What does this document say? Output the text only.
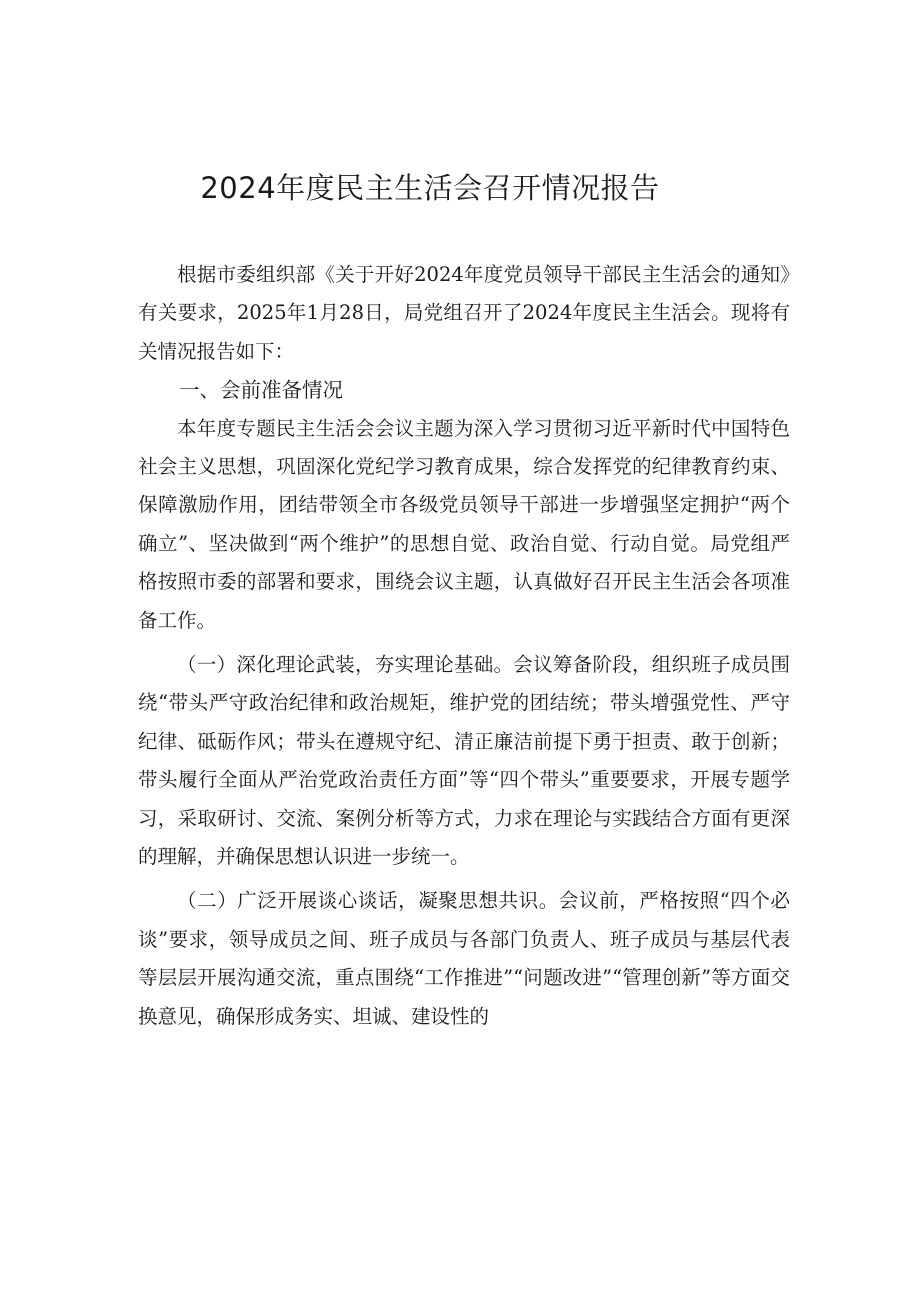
2024年度民主生活会召开情况报告

根据市委组织部《关于开好2024年度党员领导干部民主生活会的通知》有关要求，2025年1月28日，局党组召开了2024年度民主生活会。现将有关情况报告如下：

一、会前准备情况

本年度专题民主生活会会议主题为深入学习贯彻习近平新时代中国特色社会主义思想，巩固深化党纪学习教育成果，综合发挥党的纪律教育约束、保障激励作用，团结带领全市各级党员领导干部进一步增强坚定拥护“两个确立”、坚决做到“两个维护”的思想自觉、政治自觉、行动自觉。局党组严格按照市委的部署和要求，围绕会议主题，认真做好召开民主生活会各项准备工作。

（一）深化理论武装，夯实理论基础。会议筹备阶段，组织班子成员围绕“带头严守政治纪律和政治规矩，维护党的团结统；带头增强党性、严守纪律、砥砺作风；带头在遵规守纪、清正廉洁前提下勇于担责、敢于创新；带头履行全面从严治党政治责任方面”等“四个带头”重要要求，开展专题学习，采取研讨、交流、案例分析等方式，力求在理论与实践结合方面有更深的理解，并确保思想认识进一步统一。

（二）广泛开展谈心谈话，凝聚思想共识。会议前，严格按照“四个必谈”要求，领导成员之间、班子成员与各部门负责人、班子成员与基层代表等层层开展沟通交流，重点围绕“工作推进”“问题改进”“管理创新”等方面交换意见，确保形成务实、坦诚、建设性的
